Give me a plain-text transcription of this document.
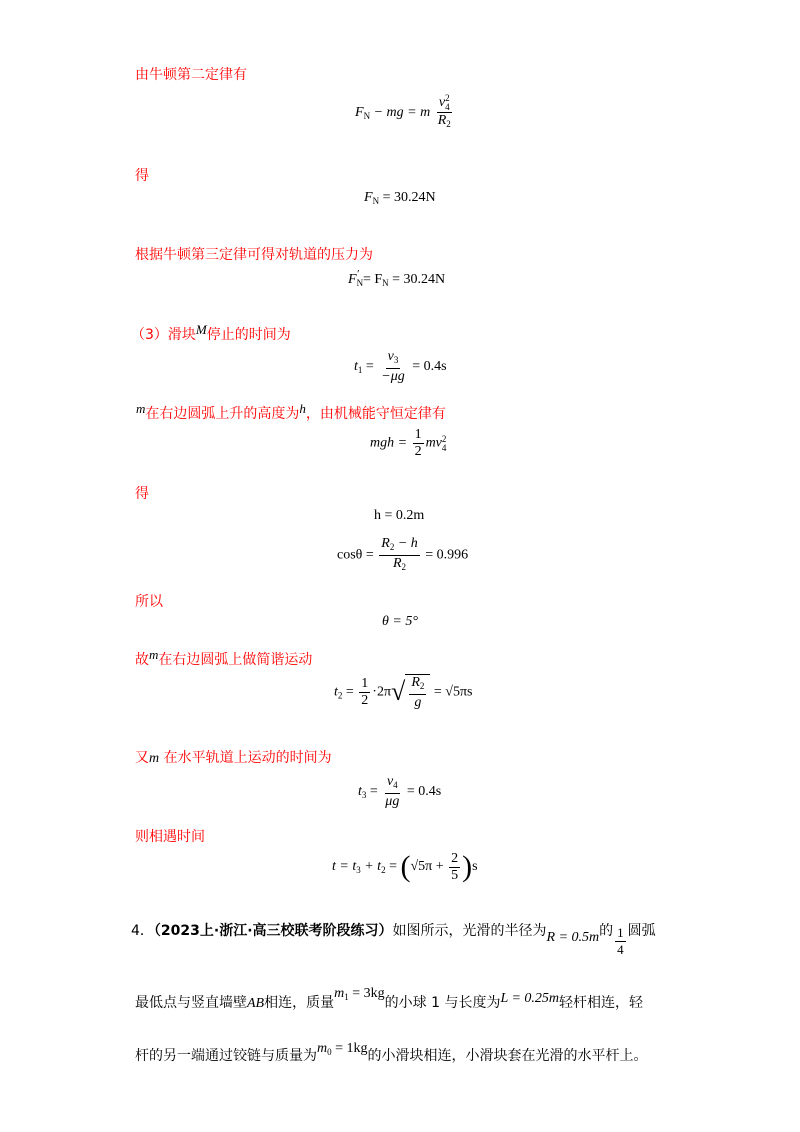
由牛顿第二定律有
$F_N$ − mg = m v 2
4
$R_2$
得
$F_N = 30.24N$
根据牛顿第三定律可得对轨道的压力为
$F_N' = F_N = 30.24N$
（3）滑块M停止的时间为
$t_1 = \frac{v_3}{-\mu g} = 0.4s$
m在右边圆弧上升的高度为h，由机械能守恒定律有
mgh = $\frac{1}{2}$ mv 2
4
得
h = 0.2m
$\cos\theta = \frac{R_2 - h}{R_2} = 0.996$
所以
θ = 5°
故m在右边圆弧上做简谐运动
$t_2 = \frac{1}{2} \cdot 2\pi$ √ $\frac{R_2}{g} = √5\pi s$
又m 在水平轨道上运动的时间为
$t_3 = \frac{v_4}{\mu g} = 0.4s$
则相遇时间
$t = t_3 + t_2 = (√5\pi + \frac{2}{5} )s$
4．（2023上·浙江·高三校联考阶段练习）如图所示，光滑的半径为R = 0.5m的 $\frac{1}{4}$ 圆弧
最低点与竖直墙壁AB相连，质量$m_1 = 3kg$的小球 1 与长度为L = 0.25m轻杆相连，轻
杆的另一端通过铰链与质量为$m_0 = 1kg$的小滑块相连，小滑块套在光滑的水平杆上。
